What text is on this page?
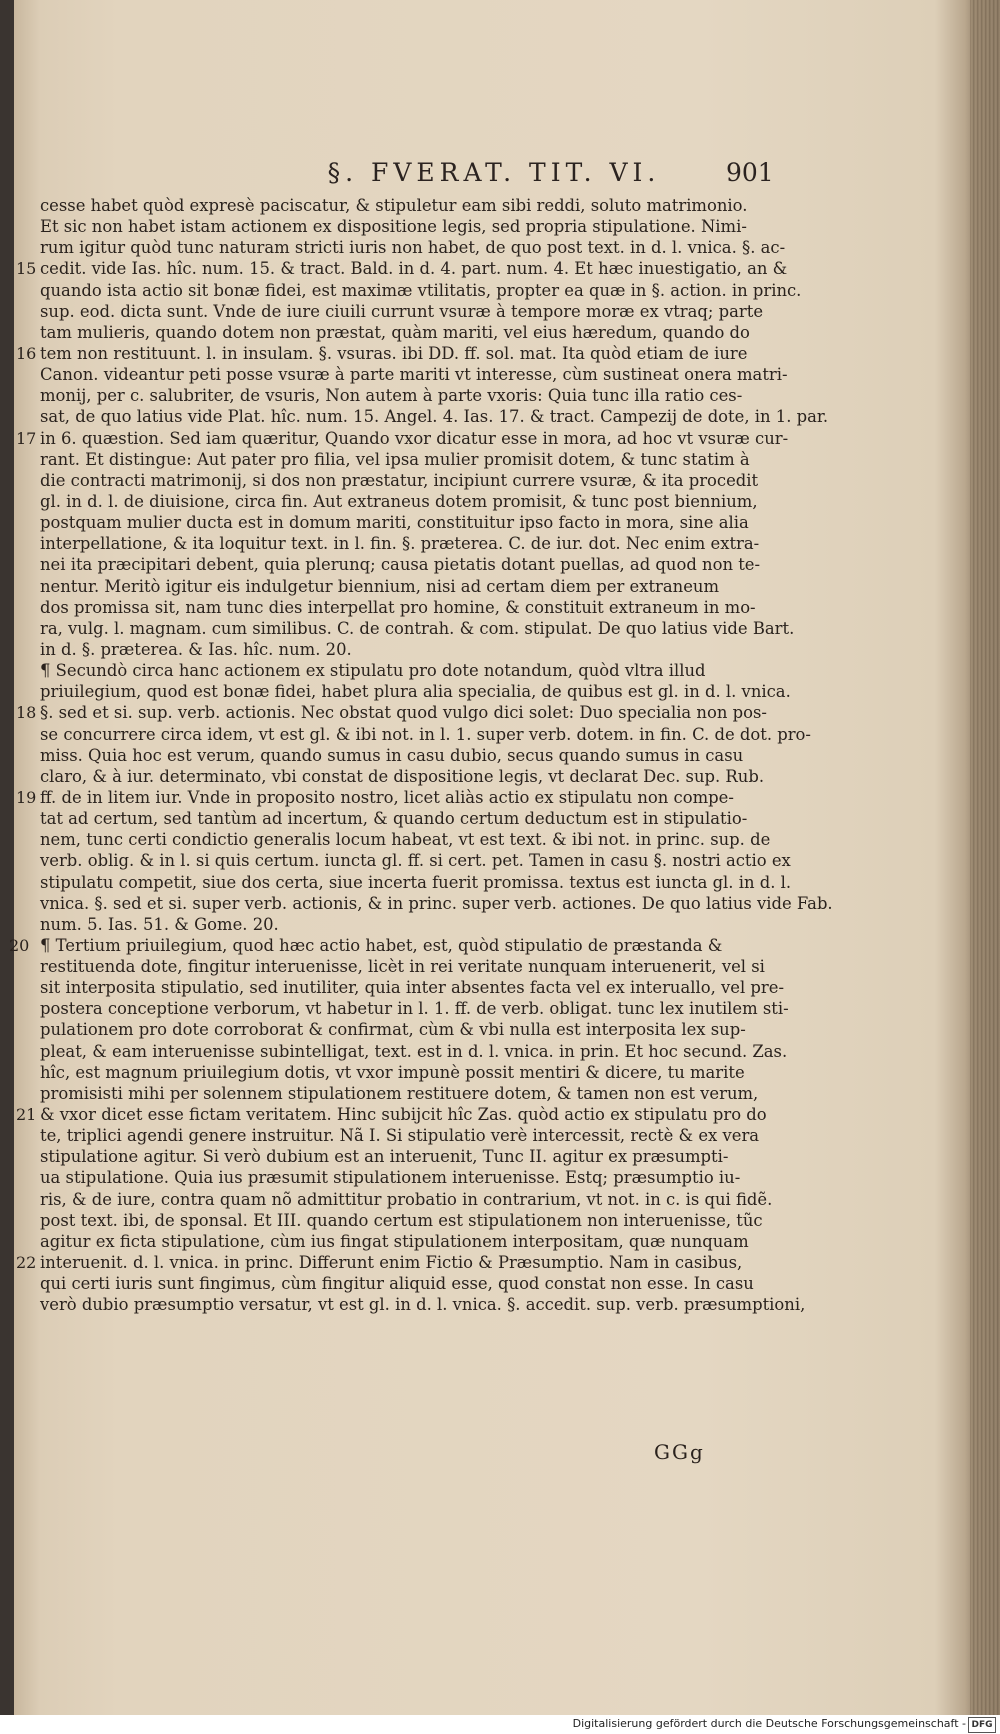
§. FVERAT. TIT. VI.	901
cesse habet quòd expresè paciscatur, & stipuletur eam sibi reddi, soluto matrimonio.
Et sic non habet istam actionem ex dispositione legis, sed propria stipulatione. Nimi-
rum igitur quòd tunc naturam stricti iuris non habet, de quo post text. in d. l. vnica. §. ac-
15 cedit. vide Ias. hîc. num. 15. & tract. Bald. in d. 4. part. num. 4. Et hæc inuestigatio, an &
quando ista actio sit bonæ fidei, est maximæ vtilitatis, propter ea quæ in §. action. in princ.
sup. eod. dicta sunt. Vnde de iure ciuili currunt vsuræ à tempore moræ ex vtraq; parte
tam mulieris, quando dotem non præstat, quàm mariti, vel eius hæredum, quando do
16 tem non restituunt. l. in insulam. §. vsuras. ibi DD. ff. sol. mat. Ita quòd etiam de iure
Canon. videantur peti posse vsuræ à parte mariti vt interesse, cùm sustineat onera matri-
monij, per c. salubriter, de vsuris, Non autem à parte vxoris: Quia tunc illa ratio ces-
sat, de quo latius vide Plat. hîc. num. 15. Angel. 4. Ias. 17. & tract. Campezij de dote, in 1. par.
17 in 6. quæstion. Sed iam quæritur, Quando vxor dicatur esse in mora, ad hoc vt vsuræ cur-
rant. Et distingue: Aut pater pro filia, vel ipsa mulier promisit dotem, & tunc statim à
die contracti matrimonij, si dos non præstatur, incipiunt currere vsuræ, & ita procedit
gl. in d. l. de diuisione, circa fin. Aut extraneus dotem promisit, & tunc post biennium,
postquam mulier ducta est in domum mariti, constituitur ipso facto in mora, sine alia
interpellatione, & ita loquitur text. in l. fin. §. præterea. C. de iur. dot. Nec enim extra-
nei ita præcipitari debent, quia plerunq; causa pietatis dotant puellas, ad quod non te-
nentur. Meritò igitur eis indulgetur biennium, nisi ad certam diem per extraneum
dos promissa sit, nam tunc dies interpellat pro homine, & constituit extraneum in mo-
ra, vulg. l. magnam. cum similibus. C. de contrah. & com. stipulat. De quo latius vide Bart.
in d. §. præterea. & Ias. hîc. num. 20.
¶ Secundò circa hanc actionem ex stipulatu pro dote notandum, quòd vltra illud
priuilegium, quod est bonæ fidei, habet plura alia specialia, de quibus est gl. in d. l. vnica.
18 §. sed et si. sup. verb. actionis. Nec obstat quod vulgo dici solet: Duo specialia non pos-
se concurrere circa idem, vt est gl. & ibi not. in l. 1. super verb. dotem. in fin. C. de dot. pro-
miss. Quia hoc est verum, quando sumus in casu dubio, secus quando sumus in casu
claro, & à iur. determinato, vbi constat de dispositione legis, vt declarat Dec. sup. Rub.
19 ff. de in litem iur. Vnde in proposito nostro, licet aliàs actio ex stipulatu non compe-
tat ad certum, sed tantùm ad incertum, & quando certum deductum est in stipulatio-
nem, tunc certi condictio generalis locum habeat, vt est text. & ibi not. in princ. sup. de
verb. oblig. & in l. si quis certum. iuncta gl. ff. si cert. pet. Tamen in casu §. nostri actio ex
stipulatu competit, siue dos certa, siue incerta fuerit promissa. textus est iuncta gl. in d. l.
vnica. §. sed et si. super verb. actionis, & in princ. super verb. actiones. De quo latius vide Fab.
num. 5. Ias. 51. & Gome. 20.
20 ¶ Tertium priuilegium, quod hæc actio habet, est, quòd stipulatio de præstanda &
restituenda dote, fingitur interuenisse, licèt in rei veritate nunquam interuenerit, vel si
sit interposita stipulatio, sed inutiliter, quia inter absentes facta vel ex interuallo, vel pre-
postera conceptione verborum, vt habetur in l. 1. ff. de verb. obligat. tunc lex inutilem sti-
pulationem pro dote corroborat & confirmat, cùm & vbi nulla est interposita lex sup-
pleat, & eam interuenisse subintelligat, text. est in d. l. vnica. in prin. Et hoc secund. Zas.
hîc, est magnum priuilegium dotis, vt vxor impunè possit mentiri & dicere, tu marite
promisisti mihi per solennem stipulationem restituere dotem, & tamen non est verum,
21 & vxor dicet esse fictam veritatem. Hinc subijcit hîc Zas. quòd actio ex stipulatu pro do
te, triplici agendi genere instruitur. Nã I. Si stipulatio verè intercessit, rectè & ex vera
stipulatione agitur. Si verò dubium est an interuenit, Tunc II. agitur ex præsumpti-
ua stipulatione. Quia ius præsumit stipulationem interuenisse. Estq; præsumptio iu-
ris, & de iure, contra quam nõ admittitur probatio in contrarium, vt not. in c. is qui fidẽ.
post text. ibi, de sponsal. Et III. quando certum est stipulationem non interuenisse, tũc
agitur ex ficta stipulatione, cùm ius fingat stipulationem interpositam, quæ nunquam
22 interuenit. d. l. vnica. in princ. Differunt enim Fictio & Præsumptio. Nam in casibus,
qui certi iuris sunt fingimus, cùm fingitur aliquid esse, quod constat non esse. In casu
verò dubio præsumptio versatur, vt est gl. in d. l. vnica. §. accedit. sup. verb. præsumptioni,
GGg
Digitalisierung gefördert durch die Deutsche Forschungsgemeinschaft - DFG
